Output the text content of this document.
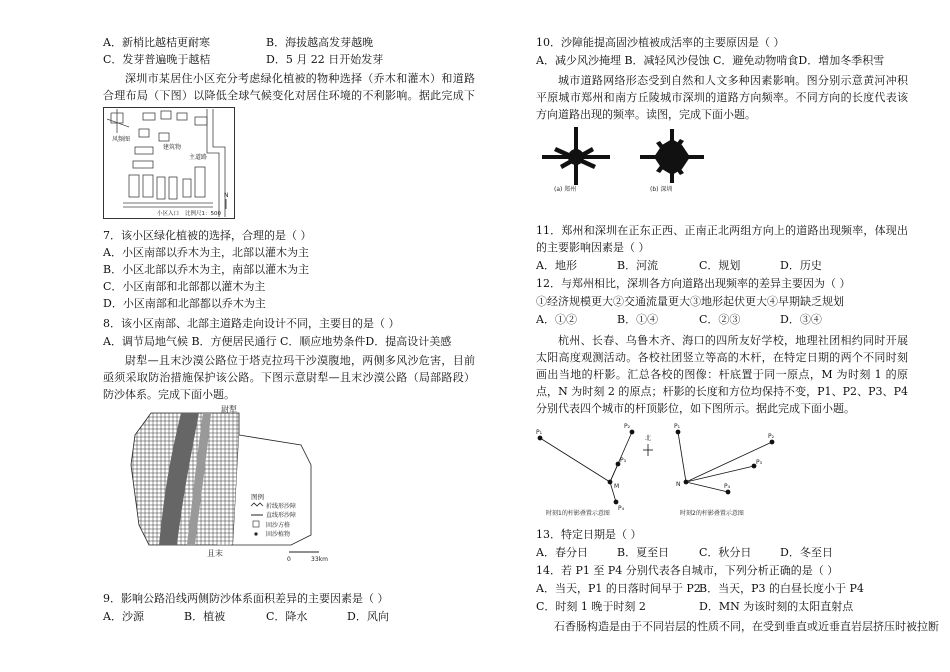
A．新梢比越桔更耐寒	B．海拔越高发芽越晚
C．发芽普遍晚于越桔	D．5 月 22 日开始发芽
深圳市某居住小区充分考虑绿化植被的物种选择（乔木和灌木）和道路合理布局（下图）以降低全球气候变化对居住环境的不利影响。据此完成下
风频图
建筑物
主道路
小区入口 比例尺1：500
N
7．该小区绿化植被的选择，合理的是（ ）
A．小区南部以乔木为主，北部以灌木为主
B．小区北部以乔木为主，南部以灌木为主
C．小区南部和北部都以灌木为主
D．小区南部和北部都以乔木为主
8．该小区南部、北部主道路走向设计不同，主要目的是（ ）
A．调节局地气候 B．方便居民通行 C．顺应地势条件D．提高设计美感
尉犁—且末沙漠公路位于塔克拉玛干沙漠腹地，两侧多风沙危害，目前亟须采取防治措施保护该公路。下图示意尉犁—且末沙漠公路（局部路段）防沙体系。完成下面小题。
尉犁
且末
图例
折线形沙障
直线形沙障
固沙方格
固沙植物
0	33km
9．影响公路沿线两侧防沙体系面积差异的主要因素是（ ）
A．沙源	B．植被	C．降水	D．风向
10．沙障能提高固沙植被成活率的主要原因是（ ）
A．减少风沙掩埋 B．减轻风沙侵蚀 C．避免动物啃食D．增加冬季积雪
城市道路网络形态受到自然和人文多种因素影响。图分别示意黄河冲积平原城市郑州和南方丘陵城市深圳的道路方向频率。不同方向的长度代表该方向道路出现的频率。读图，完成下面小题。
(a) 郑州	(b) 深圳
11．郑州和深圳在正东正西、正南正北两组方向上的道路出现频率，体现出的主要影响因素是（ ）
A．地形	B．河流	C．规划	D．历史
12．与郑州相比，深圳各方向道路出现频率的差异主要因为（ ）
①经济规模更大②交通流量更大③地形起伏更大④早期缺乏规划
A．①②	B．①④	C．②③	D．③④
杭州、长春、乌鲁木齐、海口的四所友好学校，地理社团相约同时开展太阳高度观测活动。各校社团竖立等高的木杆，在特定日期的两个不同时刻画出当地的杆影。汇总各校的图像：杆底置于同一原点，M 为时刻 1 的原点，N 为时刻 2 的原点；杆影的长度和方位均保持不变，P1、P2、P3、P4 分别代表四个城市的杆顶影位，如下图所示。据此完成下面小题。
P₁
P₂
P₃
P₄
M
北
时刻1的杆影叠置示意图
P₁
P₂
P₃
P₄
N
时刻2的杆影叠置示意图
13．特定日期是（ ）
A．春分日	B．夏至日	C．秋分日	D．冬至日
14．若 P1 至 P4 分别代表各自城市，下列分析正确的是（ ）
A．当天，P1 的日落时间早于 P2
B．当天，P3 的白昼长度小于 P4
C．时刻 1 晚于时刻 2	D．MN 为该时刻的太阳直射点
石香肠构造是由于不同岩层的性质不同，在受到垂直或近垂直岩层挤压时被拉断
